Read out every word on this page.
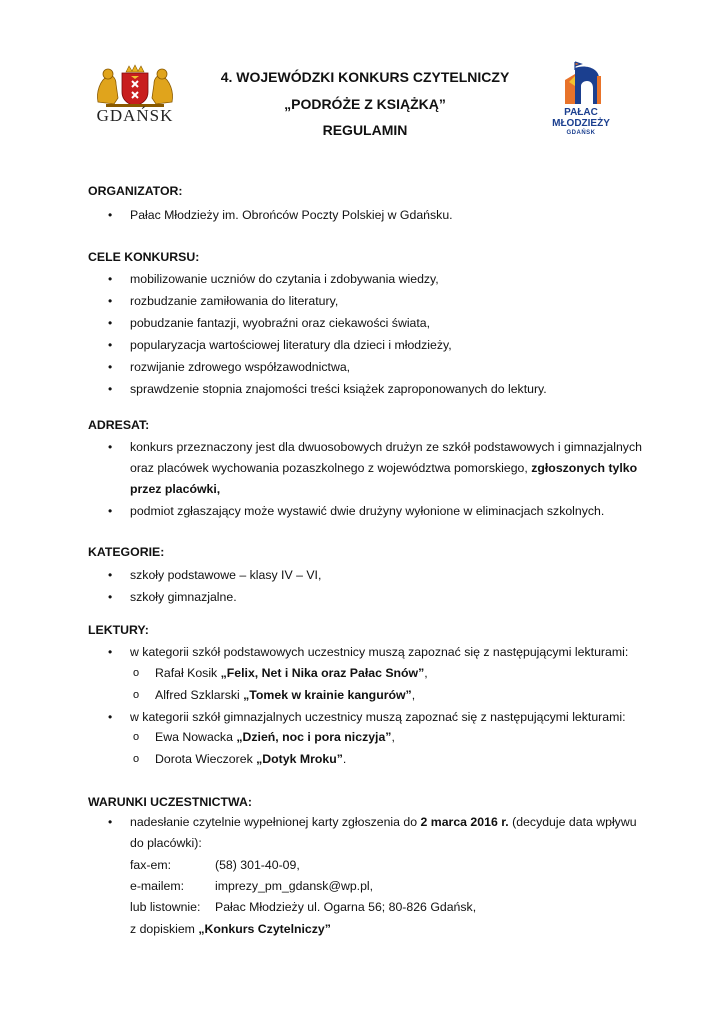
GDAŃSK
4. WOJEWÓDZKI KONKURS CZYTELNICZY
„PODRÓŻE Z KSIĄŻKĄ”
REGULAMIN
PAŁAC
MŁODZIEŻY
GDAŃSK
ORGANIZATOR:
• Pałac Młodzieży im. Obrońców Poczty Polskiej w Gdańsku.
CELE KONKURSU:
• mobilizowanie uczniów do czytania i zdobywania wiedzy,
• rozbudzanie zamiłowania do literatury,
• pobudzanie fantazji, wyobraźni oraz ciekawości świata,
• popularyzacja wartościowej literatury dla dzieci i młodzieży,
• rozwijanie zdrowego współzawodnictwa,
• sprawdzenie stopnia znajomości treści książek zaproponowanych do lektury.
ADRESAT:
• konkurs przeznaczony jest dla dwuosobowych drużyn ze szkół podstawowych i gimnazjalnych
oraz placówek wychowania pozaszkolnego z województwa pomorskiego, zgłoszonych tylko
przez placówki,
• podmiot zgłaszający może wystawić dwie drużyny wyłonione w eliminacjach szkolnych.
KATEGORIE:
• szkoły podstawowe – klasy IV – VI,
• szkoły gimnazjalne.
LEKTURY:
• w kategorii szkół podstawowych uczestnicy muszą zapoznać się z następującymi lekturami:
o Rafał Kosik „Felix, Net i Nika oraz Pałac Snów”,
o Alfred Szklarski „Tomek w krainie kangurów”,
• w kategorii szkół gimnazjalnych uczestnicy muszą zapoznać się z następującymi lekturami:
o Ewa Nowacka „Dzień, noc i pora niczyja”,
o Dorota Wieczorek „Dotyk Mroku”.
WARUNKI UCZESTNICTWA:
• nadesłanie czytelnie wypełnionej karty zgłoszenia do 2 marca 2016 r. (decyduje data wpływu
do placówki):
fax-em:	(58) 301-40-09,
e-mailem:	imprezy_pm_gdansk@wp.pl,
lub listownie: Pałac Młodzieży ul. Ogarna 56; 80-826 Gdańsk,
z dopiskiem „Konkurs Czytelniczy”
